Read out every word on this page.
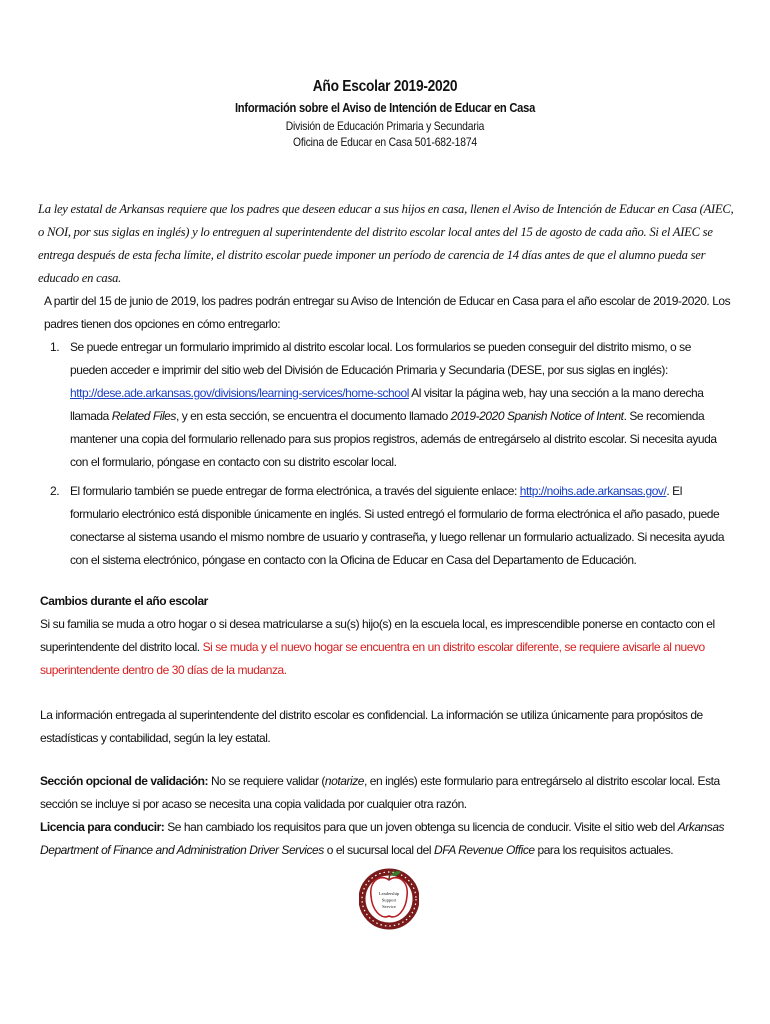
Año Escolar 2019-2020
Información sobre el Aviso de Intención de Educar en Casa
División de Educación Primaria y Secundaria
Oficina de Educar en Casa 501-682-1874

La ley estatal de Arkansas requiere que los padres que deseen educar a sus hijos en casa, llenen el Aviso de Intención de Educar en Casa (AIEC, o NOI, por sus siglas en inglés) y lo entreguen al superintendente del distrito escolar local antes del 15 de agosto de cada año. Si el AIEC se entrega después de esta fecha límite, el distrito escolar puede imponer un período de carencia de 14 días antes de que el alumno pueda ser educado en casa.

A partir del 15 de junio de 2019, los padres podrán entregar su Aviso de Intención de Educar en Casa para el año escolar de 2019-2020. Los padres tienen dos opciones en cómo entregarlo:

1. Se puede entregar un formulario imprimido al distrito escolar local. Los formularios se pueden conseguir del distrito mismo, o se pueden acceder e imprimir del sitio web del División de Educación Primaria y Secundaria (DESE, por sus siglas en inglés): http://dese.ade.arkansas.gov/divisions/learning-services/home-school Al visitar la página web, hay una sección a la mano derecha llamada Related Files, y en esta sección, se encuentra el documento llamado 2019-2020 Spanish Notice of Intent. Se recomienda mantener una copia del formulario rellenado para sus propios registros, además de entregárselo al distrito escolar. Si necesita ayuda con el formulario, póngase en contacto con su distrito escolar local.
2. El formulario también se puede entregar de forma electrónica, a través del siguiente enlace: http://noihs.ade.arkansas.gov/. El formulario electrónico está disponible únicamente en inglés. Si usted entregó el formulario de forma electrónica el año pasado, puede conectarse al sistema usando el mismo nombre de usuario y contraseña, y luego rellenar un formulario actualizado. Si necesita ayuda con el sistema electrónico, póngase en contacto con la Oficina de Educar en Casa del Departamento de Educación.
Cambios durante el año escolar
Si su familia se muda a otro hogar o si desea matricularse a su(s) hijo(s) en la escuela local, es imprescendible ponerse en contacto con el superintendente del distrito local. Si se muda y el nuevo hogar se encuentra en un distrito escolar diferente, se requiere avisarle al nuevo superintendente dentro de 30 días de la mudanza.

La información entregada al superintendente del distrito escolar es confidencial. La información se utiliza únicamente para propósitos de estadísticas y contabilidad, según la ley estatal.

Sección opcional de validación: No se requiere validar (notarize, en inglés) este formulario para entregárselo al distrito escolar local. Esta sección se incluye si por acaso se necesita una copia validada por cualquier otra razón.
Licencia para conducir: Se han cambiado los requisitos para que un joven obtenga su licencia de conducir. Visite el sitio web del Arkansas Department of Finance and Administration Driver Services o el sucursal local del DFA Revenue Office para los requisitos actuales.
Leadership
Support
Service
